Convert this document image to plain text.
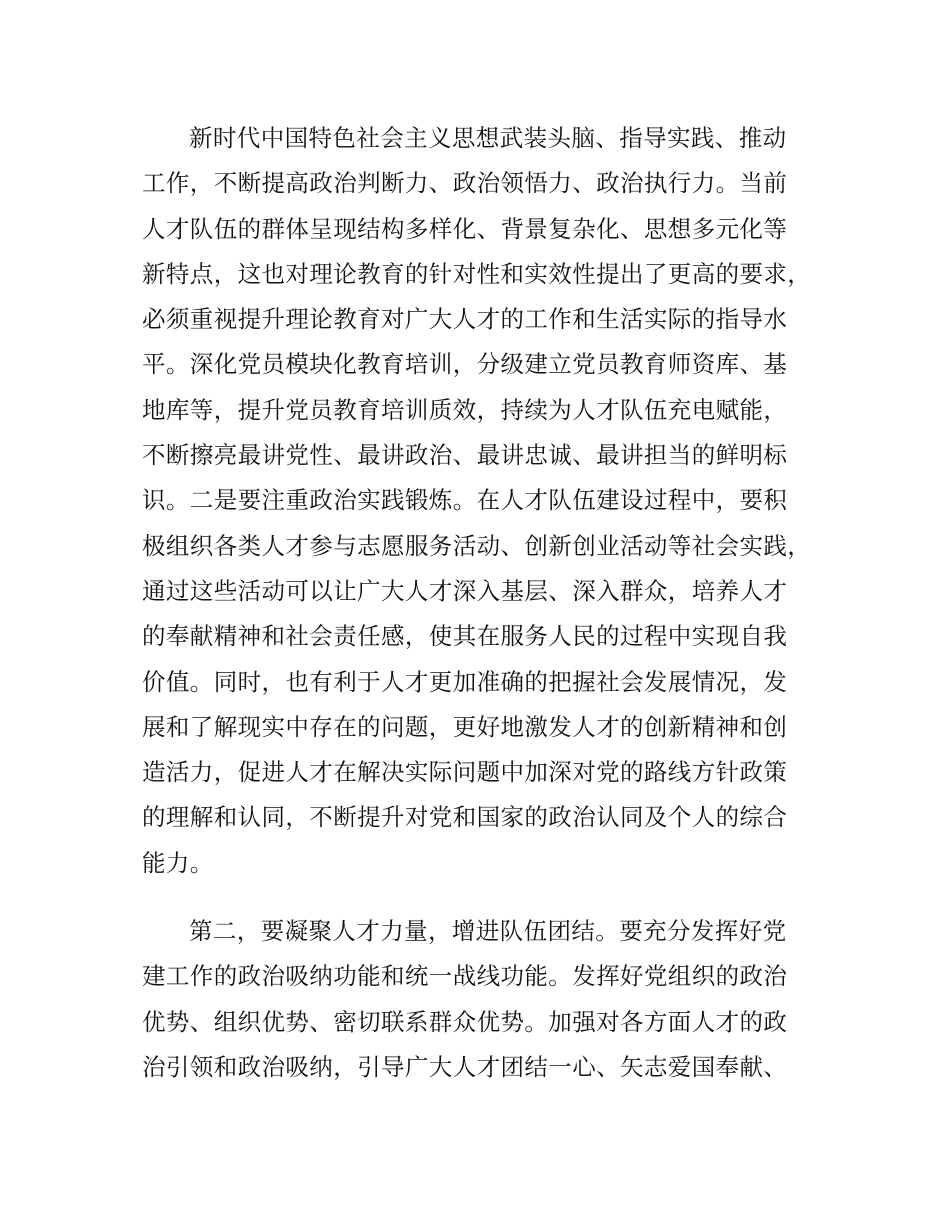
新时代中国特色社会主义思想武装头脑、指导实践、推动
工作，不断提高政治判断力、政治领悟力、政治执行力。当前
人才队伍的群体呈现结构多样化、背景复杂化、思想多元化等
新特点，这也对理论教育的针对性和实效性提出了更高的要求，
必须重视提升理论教育对广大人才的工作和生活实际的指导水
平。深化党员模块化教育培训，分级建立党员教育师资库、基
地库等，提升党员教育培训质效，持续为人才队伍充电赋能，
不断擦亮最讲党性、最讲政治、最讲忠诚、最讲担当的鲜明标
识。二是要注重政治实践锻炼。在人才队伍建设过程中，要积
极组织各类人才参与志愿服务活动、创新创业活动等社会实践，
通过这些活动可以让广大人才深入基层、深入群众，培养人才
的奉献精神和社会责任感，使其在服务人民的过程中实现自我
价值。同时，也有利于人才更加准确的把握社会发展情况，发
展和了解现实中存在的问题，更好地激发人才的创新精神和创
造活力，促进人才在解决实际问题中加深对党的路线方针政策
的理解和认同，不断提升对党和国家的政治认同及个人的综合
能力。
第二，要凝聚人才力量，增进队伍团结。要充分发挥好党
建工作的政治吸纳功能和统一战线功能。发挥好党组织的政治
优势、组织优势、密切联系群众优势。加强对各方面人才的政
治引领和政治吸纳，引导广大人才团结一心、矢志爱国奉献、
